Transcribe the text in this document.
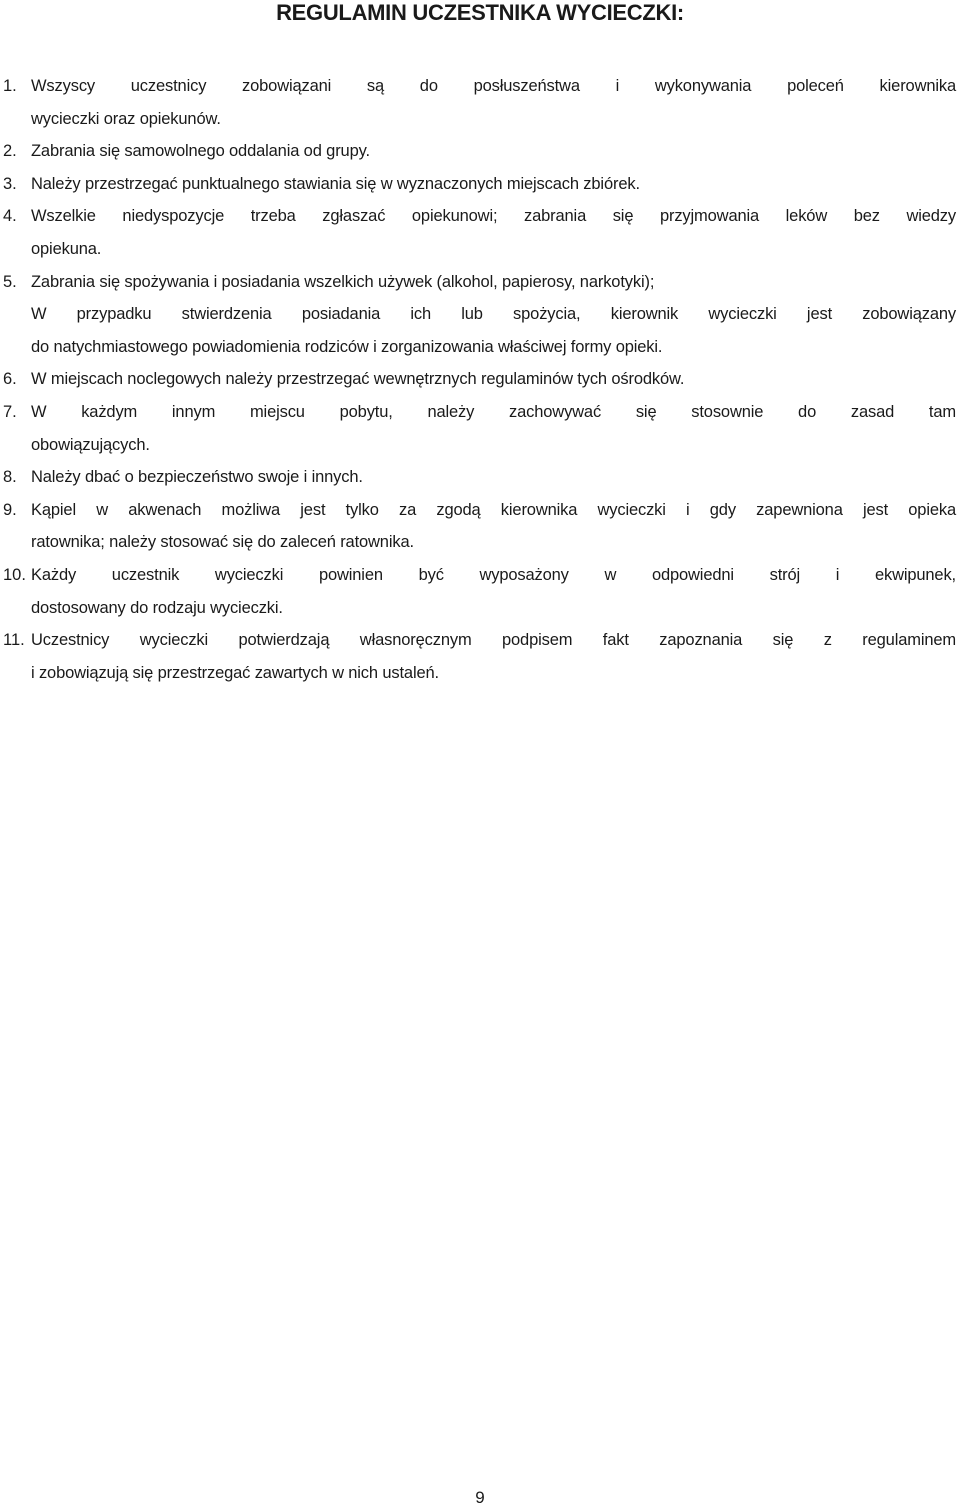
REGULAMIN UCZESTNIKA WYCIECZKI:
1. Wszyscy uczestnicy zobowiązani są do posłuszeństwa i wykonywania poleceń kierownika
wycieczki oraz opiekunów.
2. Zabrania się samowolnego oddalania od grupy.
3. Należy przestrzegać punktualnego stawiania się w wyznaczonych miejscach zbiórek.
4. Wszelkie niedyspozycje trzeba zgłaszać opiekunowi; zabrania się przyjmowania leków bez wiedzy
opiekuna.
5. Zabrania się spożywania i posiadania wszelkich używek (alkohol, papierosy, narkotyki);
W przypadku stwierdzenia posiadania ich lub spożycia, kierownik wycieczki jest zobowiązany
do natychmiastowego powiadomienia rodziców i zorganizowania właściwej formy opieki.
6. W miejscach noclegowych należy przestrzegać wewnętrznych regulaminów tych ośrodków.
7. W każdym innym miejscu pobytu, należy zachowywać się stosownie do zasad tam
obowiązujących.
8. Należy dbać o bezpieczeństwo swoje i innych.
9. Kąpiel w akwenach możliwa jest tylko za zgodą kierownika wycieczki i gdy zapewniona jest opieka
ratownika; należy stosować się do zaleceń ratownika.
10. Każdy uczestnik wycieczki powinien być wyposażony w odpowiedni strój i ekwipunek,
dostosowany do rodzaju wycieczki.
11. Uczestnicy wycieczki potwierdzają własnoręcznym podpisem fakt zapoznania się z regulaminem
i zobowiązują się przestrzegać zawartych w nich ustaleń.
9
